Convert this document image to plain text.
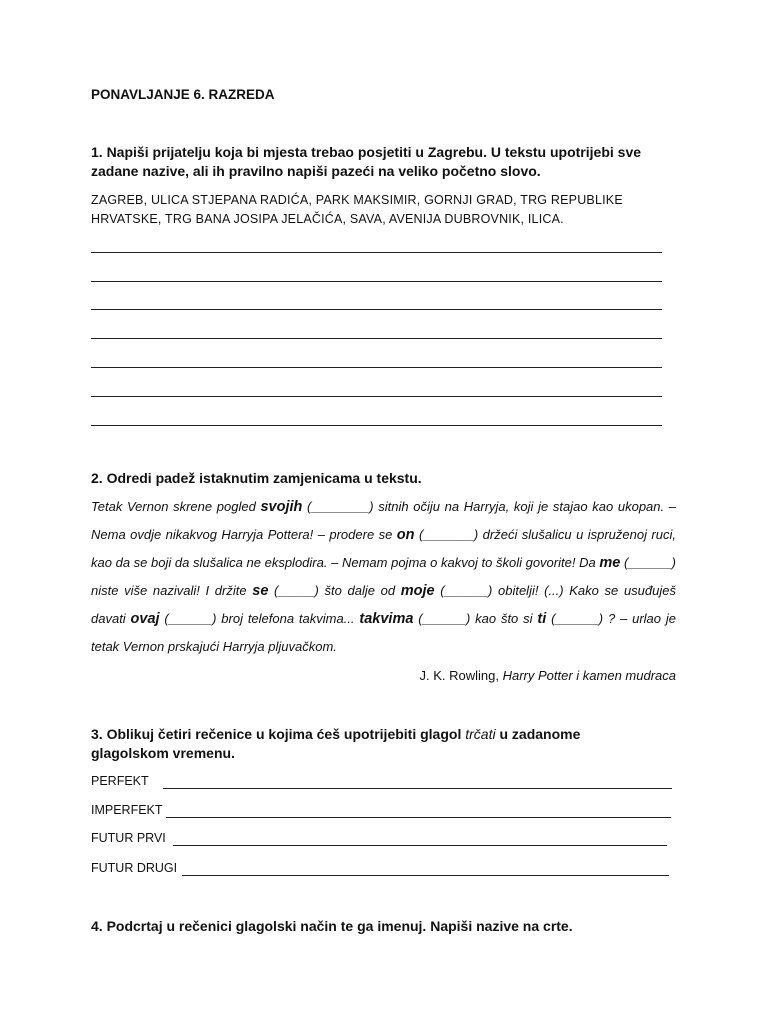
PONAVLJANJE 6. RAZREDA
1. Napiši prijatelju koja bi mjesta trebao posjetiti u Zagrebu. U tekstu upotrijebi sve zadane nazive, ali ih pravilno napiši pazeći na veliko početno slovo.
ZAGREB, ULICA STJEPANA RADIĆA, PARK MAKSIMIR, GORNJI GRAD, TRG REPUBLIKE HRVATSKE, TRG BANA JOSIPA JELAČIĆA, SAVA, AVENIJA DUBROVNIK, ILICA.
2. Odredi padež istaknutim zamjenicama u tekstu.
Tetak Vernon skrene pogled svojih (________) sitnih očiju na Harryja, koji je stajao kao ukopan. – Nema ovdje nikakvog Harryja Pottera! – prodere se on (_______) držeći slušalicu u ispruženoj ruci, kao da se boji da slušalica ne eksplodira. – Nemam pojma o kakvoj to školi govorite! Da me (______) niste više nazivali! I držite se (_____) što dalje od moje (______) obitelji! (...) Kako se usuđuješ davati ovaj (______) broj telefona takvima... takvima (______) kao što si ti (______) ? – urlao je tetak Vernon prskajući Harryja pljuvačkom.
J. K. Rowling, Harry Potter i kamen mudraca
3. Oblikuj četiri rečenice u kojima ćeš upotrijebiti glagol trčati u zadanome glagolskom vremenu.
PERFEKT
IMPERFEKT
FUTUR PRVI
FUTUR DRUGI
4. Podcrtaj u rečenici glagolski način te ga imenuj. Napiši nazive na crte.
